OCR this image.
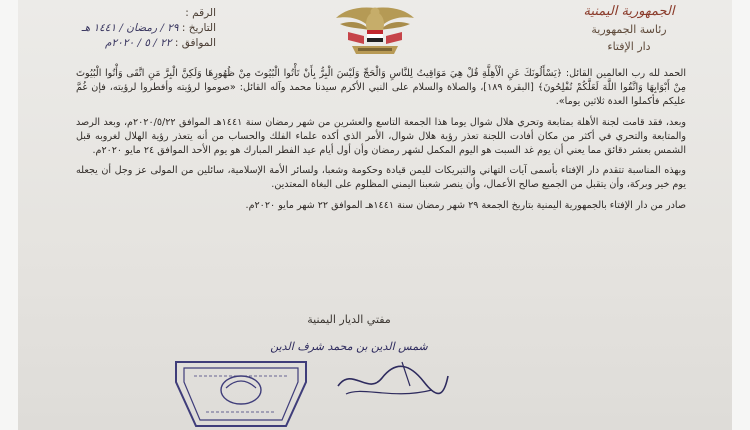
الجمهورية اليمنية
رئاسة الجمهورية
دار الإفتاء
الرقم :
التاريخ : ٢٩ / رمضان / ١٤٤١ هـ
الموافق : ٢٢ / ٥ / ٢٠٢٠م

الحمد لله رب العالمين القائل: ﴿يَسْأَلُونَكَ عَنِ الْأَهِلَّةِ قُلْ هِيَ مَوَاقِيتُ لِلنَّاسِ وَالْحَجِّ وَلَيْسَ الْبِرُّ بِأَنْ تَأْتُوا الْبُيُوتَ مِنْ ظُهُورِهَا وَلَكِنَّ الْبِرَّ مَنِ اتَّقَى وَأْتُوا الْبُيُوتَ مِنْ أَبْوَابِهَا وَاتَّقُوا اللَّهَ لَعَلَّكُمْ تُفْلِحُونَ﴾ [البقرة ١٨٩]، والصلاة والسلام على النبي الأكرم سيدنا محمد وآله القائل: «صوموا لرؤيته وأفطروا لرؤيته، فإن غُمَّ عليكم فأكملوا العدة ثلاثين يوما».

وبعد، فقد قامت لجنة الأهلة بمتابعة وتحري هلال شوال يوما هذا الجمعة التاسع والعشرين من شهر رمضان سنة ١٤٤١هـ الموافق ٢٠٢٠/٥/٢٢م، وبعد الرصد والمتابعة والتحري في أكثر من مكان أفادت اللجنة تعذر رؤية هلال شوال، الأمر الذي أكده علماء الفلك والحساب من أنه يتعذر رؤية الهلال لغروبه قبل الشمس بعشر دقائق مما يعني أن يوم غد السبت هو اليوم المكمل لشهر رمضان وأن أول أيام عيد الفطر المبارك هو يوم الأحد الموافق ٢٤ مايو ٢٠٢٠م.

وبهذه المناسبة تتقدم دار الإفتاء بأسمى آيات التهاني والتبريكات لليمن قيادة وحكومة وشعبا، ولسائر الأمة الإسلامية، سائلين من المولى عز وجل أن يجعله يوم خير وبركة، وأن يتقبل من الجميع صالح الأعمال، وأن ينصر شعبنا اليمني المظلوم على البغاة المعتدين.

صادر من دار الإفتاء بالجمهورية اليمنية بتاريخ الجمعة ٢٩ شهر رمضان سنة ١٤٤١هـ الموافق ٢٢ شهر مايو ٢٠٢٠م.

مفتي الديار اليمنية
شمس الدين بن محمد شرف الدين
